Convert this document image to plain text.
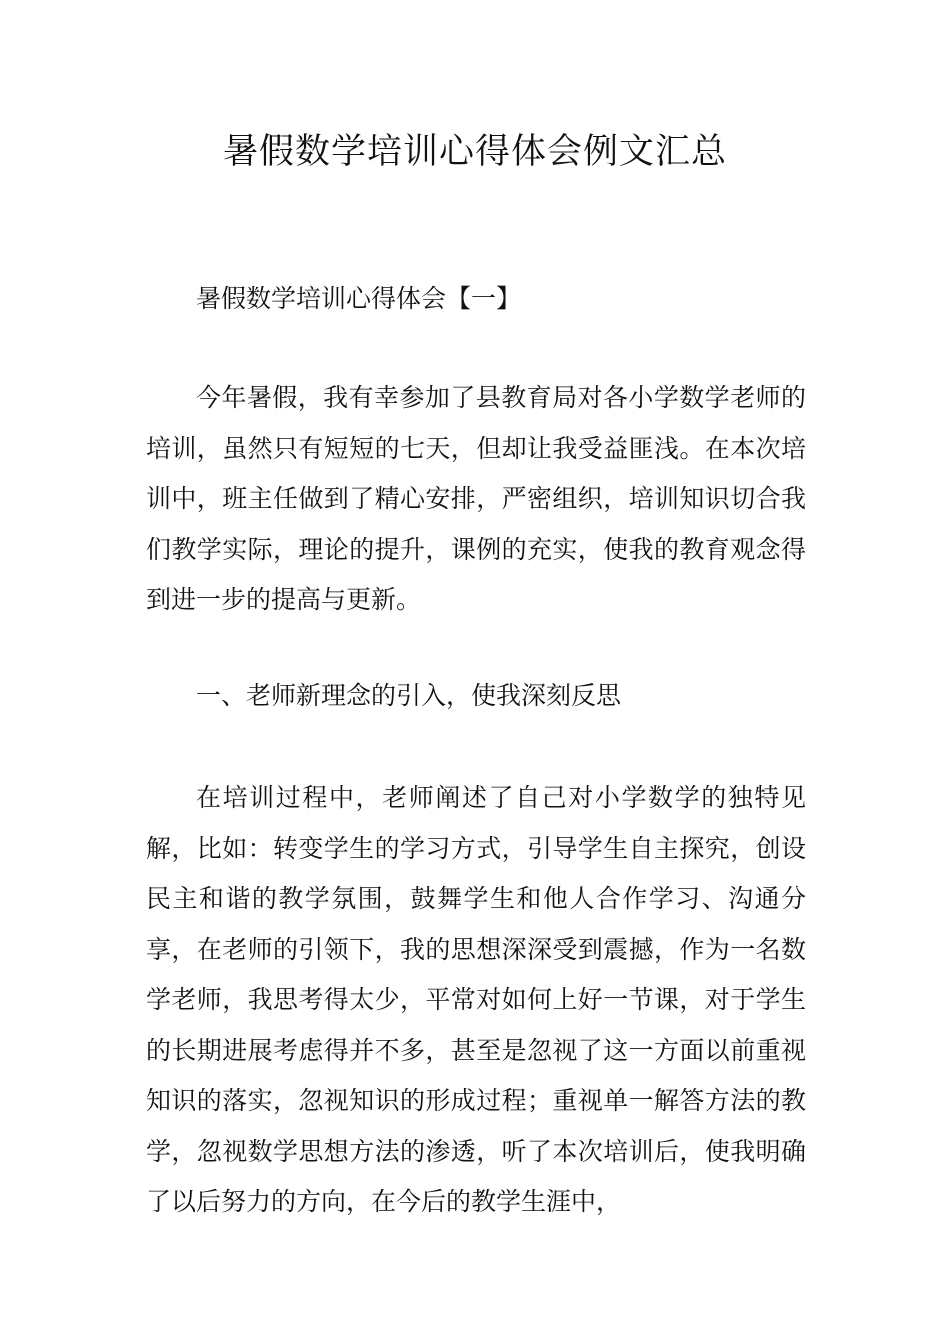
暑假数学培训心得体会例文汇总
暑假数学培训心得体会【一】

今年暑假，我有幸参加了县教育局对各小学数学老师的培训，虽然只有短短的七天，但却让我受益匪浅。在本次培训中，班主任做到了精心安排，严密组织，培训知识切合我们教学实际，理论的提升，课例的充实，使我的教育观念得到进一步的提高与更新。

一、老师新理念的引入，使我深刻反思

在培训过程中，老师阐述了自己对小学数学的独特见解，比如：转变学生的学习方式，引导学生自主探究，创设民主和谐的教学氛围，鼓舞学生和他人合作学习、沟通分享，在老师的引领下，我的思想深深受到震撼，作为一名数学老师，我思考得太少，平常对如何上好一节课，对于学生的长期进展考虑得并不多，甚至是忽视了这一方面以前重视知识的落实，忽视知识的形成过程；重视单一解答方法的教学，忽视数学思想方法的渗透，听了本次培训后，使我明确了以后努力的方向，在今后的教学生涯中，
